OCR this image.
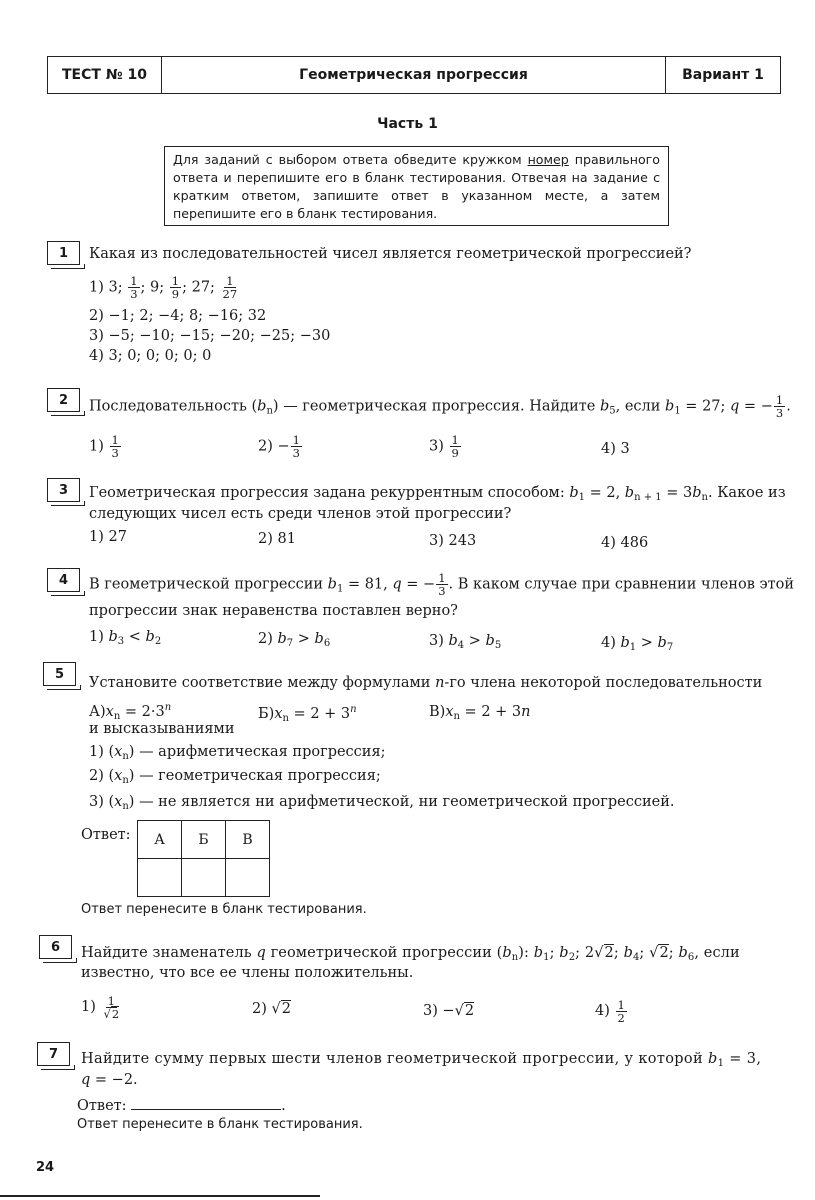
ТЕСТ № 10	Геометрическая прогрессия	Вариант 1
Часть 1
Для заданий с выбором ответа обведите кружком номер правильного ответа и перепишите его в бланк тестирования. Отвечая на задание с кратким ответом, запишите ответ в указанном месте, а затем перепишите его в бланк тестирования.
1	Какая из последовательностей чисел является геометрической прогрессией?
1) 3; $\frac{1}{3}$ ; 9; $\frac{1}{9}$ ; 27; $\frac{1}{27}$
2) −1; 2; −4; 8; −16; 32
3) −5; −10; −15; −20; −25; −30
4) 3; 0; 0; 0; 0; 0
2	Последовательность $(b_n)$ — геометрическая прогрессия. Найдите $b_5$, если $b_1 = 27$; q = − $\frac{1}{3}$ .
$1) \frac{1}{3}$	$2) - \frac{1}{3}$	$3) \frac{1}{9}$	4) 3
3	Геометрическая прогрессия задана рекуррентным способом: $b_1 = 2$, $b_{n + 1} = 3b_n$. Какое из
следующих чисел есть среди членов этой прогрессии?
1) 27	2) 81	3) 243	4) 486
4	В геометрической прогрессии $b_1 = 81$, q = − $\frac{1}{3}$ . В каком случае при сравнении членов этой
прогрессии знак неравенства поставлен верно?
1) $b_3 < b_2$	2) $b_7 > b_6$	3) $b_4 > b_5$	4) $b_1 > b_7$
5
Установите соответствие между формулами n-го члена некоторой последовательности
$А)x_n = 2\cdot 3^n$	$Б)x_n = 2 + 3^n$	$В)x_n = 2 + 3n$
и высказываниями
1) $(x_n)$ — арифметическая прогрессия;
2) $(x_n)$ — геометрическая прогрессия;
3) $(x_n)$ — не является ни арифметической, ни геометрической прогрессией.
Ответ: А	Б	В

Ответ перенесите в бланк тестирования.
6	Найдите знаменатель q геометрической прогрессии $(b_n)$: $b_1$; $b_2$; 2√2; $b_4$; √2; $b_6$, если
известно, что все ее члены положительны.
$1) \frac{1}{√2}$	2) √2	3) −√2	$4) \frac{1}{2}$
7	Найдите сумму первых шести членов геометрической прогрессии, у которой $b_1 = 3$,
q = −2.
Ответ:	.
Ответ перенесите в бланк тестирования.
24
